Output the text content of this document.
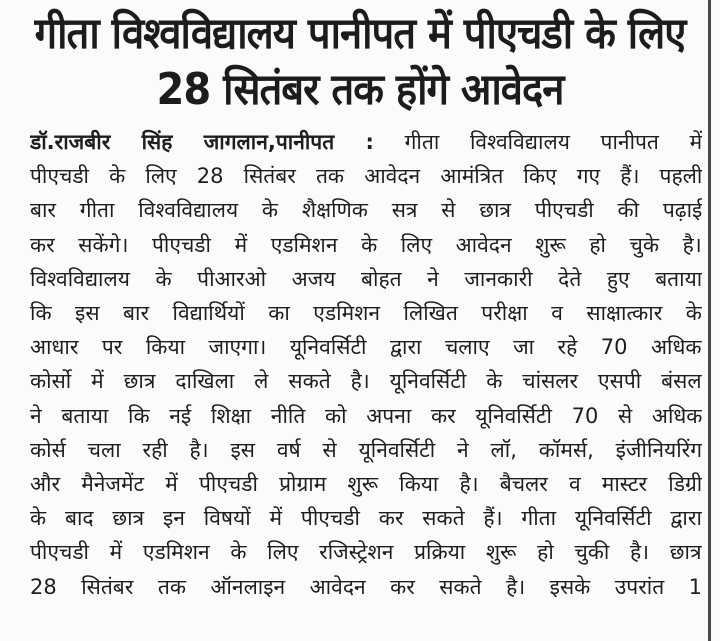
गीता विश्वविद्यालय पानीपत में पीएचडी के लिए
28 सितंबर तक होंगे आवेदन
डॉ.राजबीर सिंह जागलान,पानीपत : गीता विश्वविद्यालय पानीपत में
पीएचडी के लिए 28 सितंबर तक आवेदन आमंत्रित किए गए हैं। पहली
बार गीता विश्वविद्यालय के शैक्षणिक सत्र से छात्र पीएचडी की पढ़ाई
कर सकेंगे। पीएचडी में एडमिशन के लिए आवेदन शुरू हो चुके है।
विश्वविद्यालय के पीआरओ अजय बोहत ने जानकारी देते हुए बताया
कि इस बार विद्यार्थियों का एडमिशन लिखित परीक्षा व साक्षात्कार के
आधार पर किया जाएगा। यूनिवर्सिटी द्वारा चलाए जा रहे 70 अधिक
कोर्सो में छात्र दाखिला ले सकते है। यूनिवर्सिटी के चांसलर एसपी बंसल
ने बताया कि नई शिक्षा नीति को अपना कर यूनिवर्सिटी 70 से अधिक
कोर्स चला रही है। इस वर्ष से यूनिवर्सिटी ने लॉ, कॉमर्स, इंजीनियरिंग
और मैनेजमेंट में पीएचडी प्रोग्राम शुरू किया है। बैचलर व मास्टर डिग्री
के बाद छात्र इन विषयों में पीएचडी कर सकते हैं। गीता यूनिवर्सिटी द्वारा
पीएचडी में एडमिशन के लिए रजिस्ट्रेशन प्रक्रिया शुरू हो चुकी है। छात्र
28 सितंबर तक ऑनलाइन आवेदन कर सकते है। इसके उपरांत 1
